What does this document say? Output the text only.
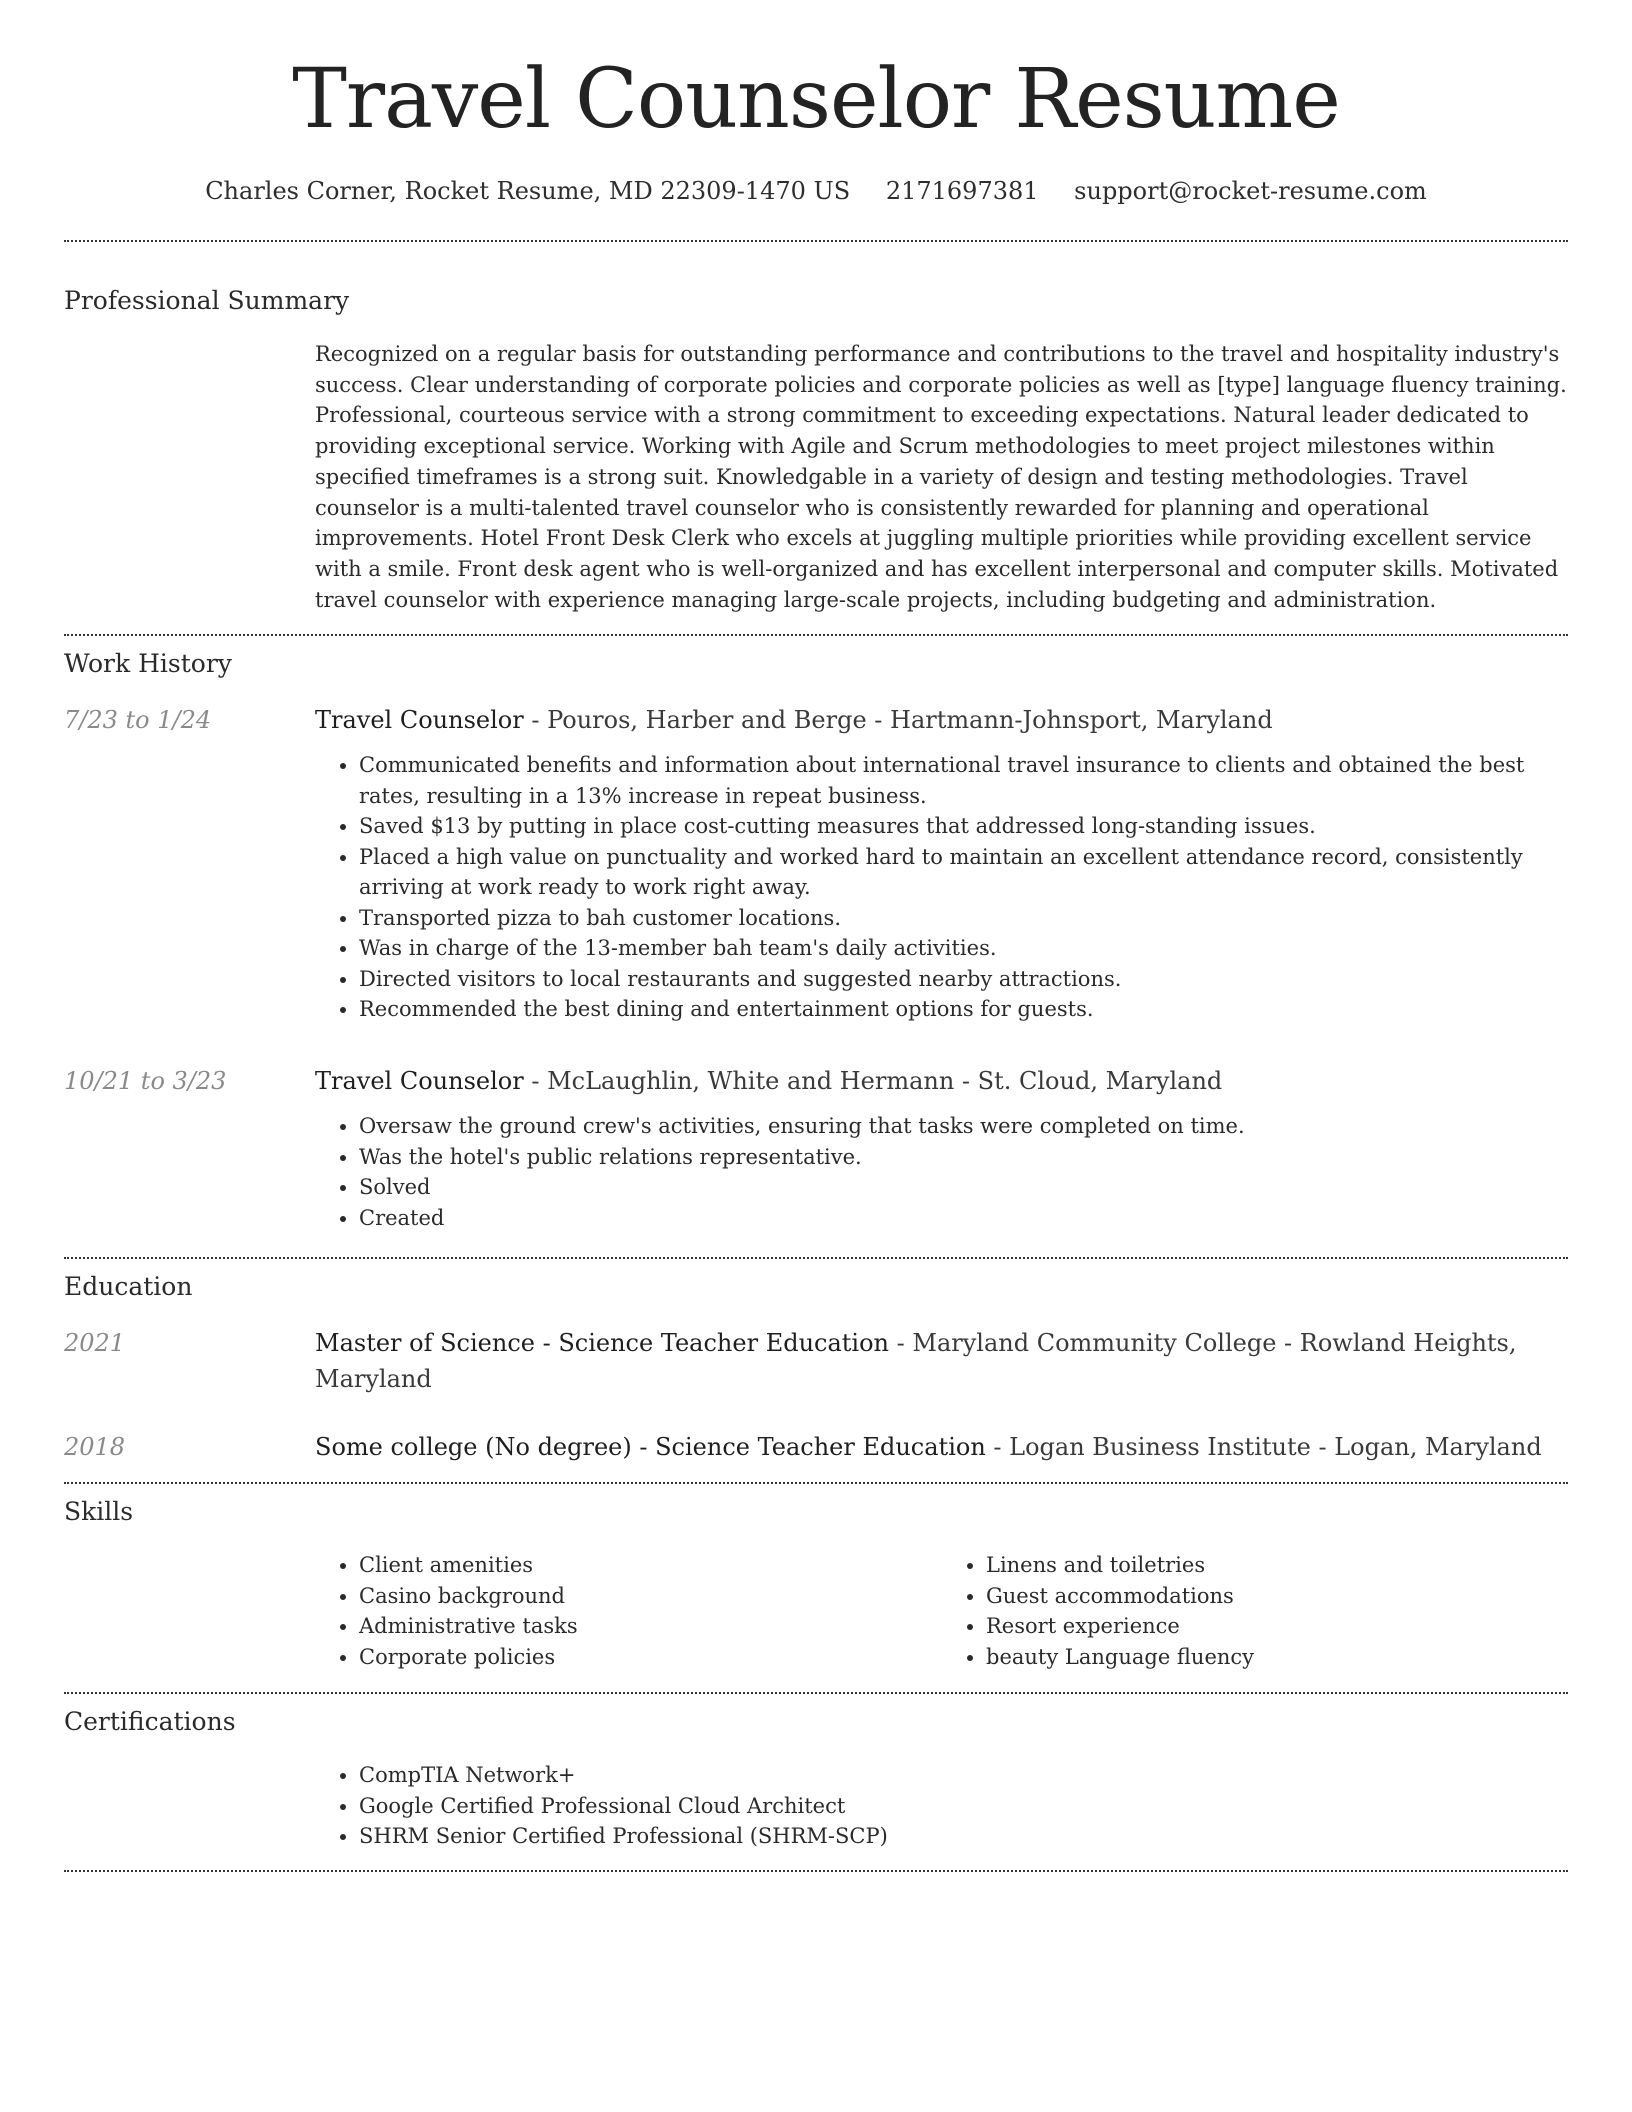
Travel Counselor Resume
Charles Corner, Rocket Resume, MD 22309-1470 US 2171697381 support@rocket-resume.com
Professional Summary

Recognized on a regular basis for outstanding performance and contributions to the travel and hospitality industry's success. Clear understanding of corporate policies and corporate policies as well as [type] language fluency training. Professional, courteous service with a strong commitment to exceeding expectations. Natural leader dedicated to providing exceptional service. Working with Agile and Scrum methodologies to meet project milestones within specified timeframes is a strong suit. Knowledgable in a variety of design and testing methodologies. Travel counselor is a multi-talented travel counselor who is consistently rewarded for planning and operational improvements. Hotel Front Desk Clerk who excels at juggling multiple priorities while providing excellent service with a smile. Front desk agent who is well-organized and has excellent interpersonal and computer skills. Motivated travel counselor with experience managing large-scale projects, including budgeting and administration.

Work History
7/23 to 1/24	Travel Counselor - Pouros, Harber and Berge - Hartmann-Johnsport, Maryland

• Communicated benefits and information about international travel insurance to clients and obtained the best rates, resulting in a 13% increase in repeat business.
• Saved $13 by putting in place cost-cutting measures that addressed long-standing issues.
• Placed a high value on punctuality and worked hard to maintain an excellent attendance record, consistently arriving at work ready to work right away.
• Transported pizza to bah customer locations.
• Was in charge of the 13-member bah team's daily activities.
• Directed visitors to local restaurants and suggested nearby attractions.
• Recommended the best dining and entertainment options for guests.
10/21 to 3/23	Travel Counselor - McLaughlin, White and Hermann - St. Cloud, Maryland

• Oversaw the ground crew's activities, ensuring that tasks were completed on time.
• Was the hotel's public relations representative.
• Solved
• Created
Education
2021	Master of Science - Science Teacher Education - Maryland Community College - Rowland Heights, Maryland

2018	Some college (No degree) - Science Teacher Education - Logan Business Institute - Logan, Maryland

Skills
• Client amenities
• Casino background
• Administrative tasks
• Corporate policies
• Linens and toiletries
• Guest accommodations
• Resort experience
• beauty Language fluency
Certifications
• CompTIA Network+
• Google Certified Professional Cloud Architect
• SHRM Senior Certified Professional (SHRM-SCP)
